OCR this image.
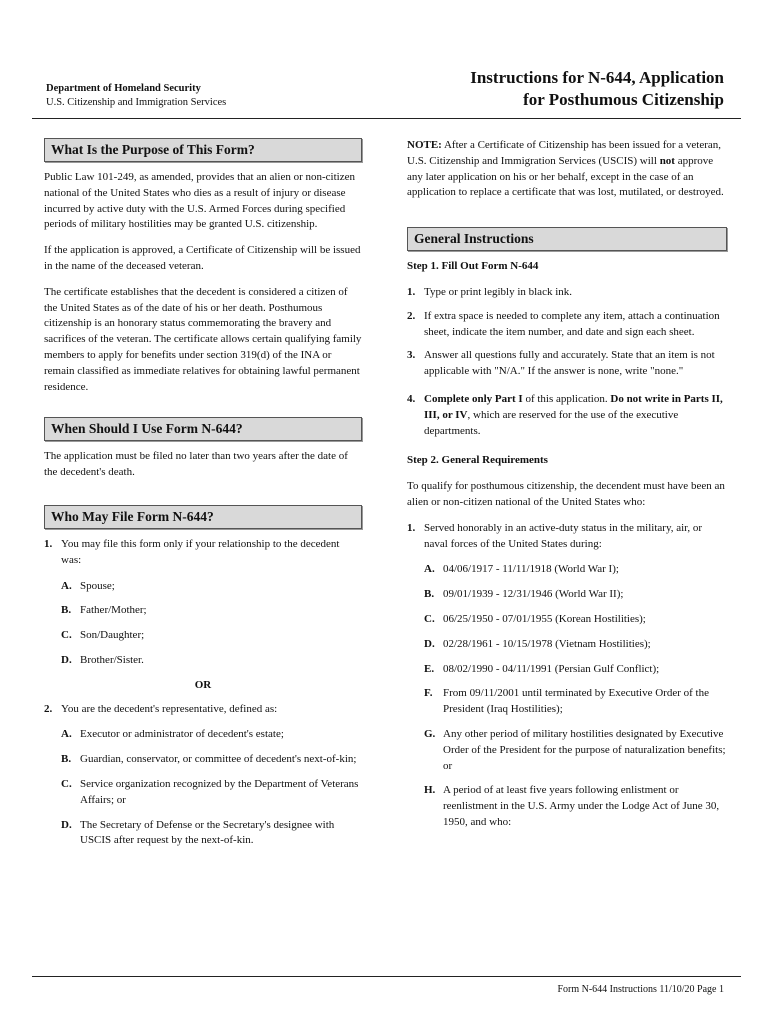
Department of Homeland Security
U.S. Citizenship and Immigration Services
Instructions for N-644, Application
for Posthumous Citizenship
What Is the Purpose of This Form?

Public Law 101-249, as amended, provides that an alien or non-citizen national of the United States who dies as a result of injury or disease incurred by active duty with the U.S. Armed Forces during specified periods of military hostilities may be granted U.S. citizenship.

If the application is approved, a Certificate of Citizenship will be issued in the name of the deceased veteran.

The certificate establishes that the decedent is considered a citizen of the United States as of the date of his or her death. Posthumous citizenship is an honorary status commemorating the bravery and sacrifices of the veteran. The certificate allows certain qualifying family members to apply for benefits under section 319(d) of the INA or remain classified as immediate relatives for obtaining lawful permanent residence.

When Should I Use Form N-644?

The application must be filed no later than two years after the date of the decedent's death.

Who May File Form N-644?
1. You may file this form only if your relationship to the decedent was:
A. Spouse;
B. Father/Mother;
C. Son/Daughter;
D. Brother/Sister.
OR
2. You are the decedent's representative, defined as:
A. Executor or administrator of decedent's estate;
B. Guardian, conservator, or committee of decedent's next-of-kin;
C. Service organization recognized by the Department of Veterans Affairs; or
D. The Secretary of Defense or the Secretary's designee with USCIS after request by the next-of-kin.

NOTE: After a Certificate of Citizenship has been issued for a veteran, U.S. Citizenship and Immigration Services (USCIS) will not approve any later application on his or her behalf, except in the case of an application to replace a certificate that was lost, mutilated, or destroyed.

General Instructions
Step 1. Fill Out Form N-644
1. Type or print legibly in black ink.
2. If extra space is needed to complete any item, attach a continuation sheet, indicate the item number, and date and sign each sheet.
3. Answer all questions fully and accurately. State that an item is not applicable with "N/A." If the answer is none, write "none."
4. Complete only Part I of this application. Do not write in Parts II, III, or IV, which are reserved for the use of the executive departments.
Step 2. General Requirements

To qualify for posthumous citizenship, the decendent must have been an alien or non-citizen national of the United States who:

1. Served honorably in an active-duty status in the military, air, or naval forces of the United States during:
A. 04/06/1917 - 11/11/1918 (World War I);
B. 09/01/1939 - 12/31/1946 (World War II);
C. 06/25/1950 - 07/01/1955 (Korean Hostilities);
D. 02/28/1961 - 10/15/1978 (Vietnam Hostilities);
E. 08/02/1990 - 04/11/1991 (Persian Gulf Conflict);
F. From 09/11/2001 until terminated by Executive Order of the President (Iraq Hostilities);
G. Any other period of military hostilities designated by Executive Order of the President for the purpose of naturalization benefits; or
H. A period of at least five years following enlistment or reenlistment in the U.S. Army under the Lodge Act of June 30, 1950, and who:
Form N-644 Instructions 11/10/20 Page 1
